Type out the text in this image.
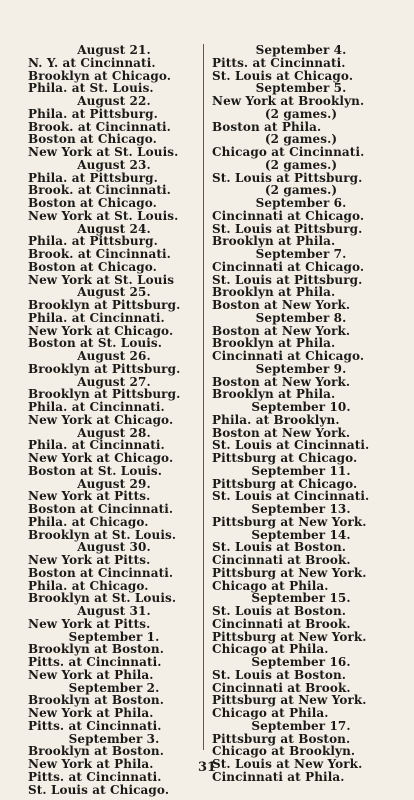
August 21.
N. Y. at Cincinnati.
Brooklyn at Chicago.
Phila. at St. Louis.
August 22.
Phila. at Pittsburg.
Brook. at Cincinnati.
Boston at Chicago.
New York at St. Louis.
August 23.
Phila. at Pittsburg.
Brook. at Cincinnati.
Boston at Chicago.
New York at St. Louis.
August 24.
Phila. at Pittsburg.
Brook. at Cincinnati.
Boston at Chicago.
New York at St. Louis
August 25.
Brooklyn at Pittsburg.
Phila. at Cincinnati.
New York at Chicago.
Boston at St. Louis.
August 26.
Brooklyn at Pittsburg.
August 27.
Brooklyn at Pittsburg.
Phila. at Cincinnati.
New York at Chicago.
August 28.
Phila. at Cincinnati.
New York at Chicago.
Boston at St. Louis.
August 29.
New York at Pitts.
Boston at Cincinnati.
Phila. at Chicago.
Brooklyn at St. Louis.
August 30.
New York at Pitts.
Boston at Cincinnati.
Phila. at Chicago.
Brooklyn at St. Louis.
August 31.
New York at Pitts.
September 1.
Brooklyn at Boston.
Pitts. at Cincinnati.
New York at Phila.
September 2.
Brooklyn at Boston.
New York at Phila.
Pitts. at Cincinnati.
September 3.
Brooklyn at Boston.
New York at Phila.
Pitts. at Cincinnati.
St. Louis at Chicago.
September 4.
Pitts. at Cincinnati.
St. Louis at Chicago.
September 5.
New York at Brooklyn.
(2 games.)
Boston at Phila.
(2 games.)
Chicago at Cincinnati.
(2 games.)
St. Louis at Pittsburg.
(2 games.)
September 6.
Cincinnati at Chicago.
St. Louis at Pittsburg.
Brooklyn at Phila.
September 7.
Cincinnati at Chicago.
St. Louis at Pittsburg.
Brooklyn at Phila.
Boston at New York.
September 8.
Boston at New York.
Brooklyn at Phila.
Cincinnati at Chicago.
September 9.
Boston at New York.
Brooklyn at Phila.
September 10.
Phila. at Brooklyn.
Boston at New York.
St. Louis at Cincinnati.
Pittsburg at Chicago.
September 11.
Pittsburg at Chicago.
St. Louis at Cincinnati.
September 13.
Pittsburg at New York.
September 14.
St. Louis at Boston.
Cincinnati at Brook.
Pittsburg at New York.
Chicago at Phila.
September 15.
St. Louis at Boston.
Cincinnati at Brook.
Pittsburg at New York.
Chicago at Phila.
September 16.
St. Louis at Boston.
Cincinnati at Brook.
Pittsburg at New York.
Chicago at Phila.
September 17.
Pittsburg at Boston.
Chicago at Brooklyn.
St. Louis at New York.
Cincinnati at Phila.
31
